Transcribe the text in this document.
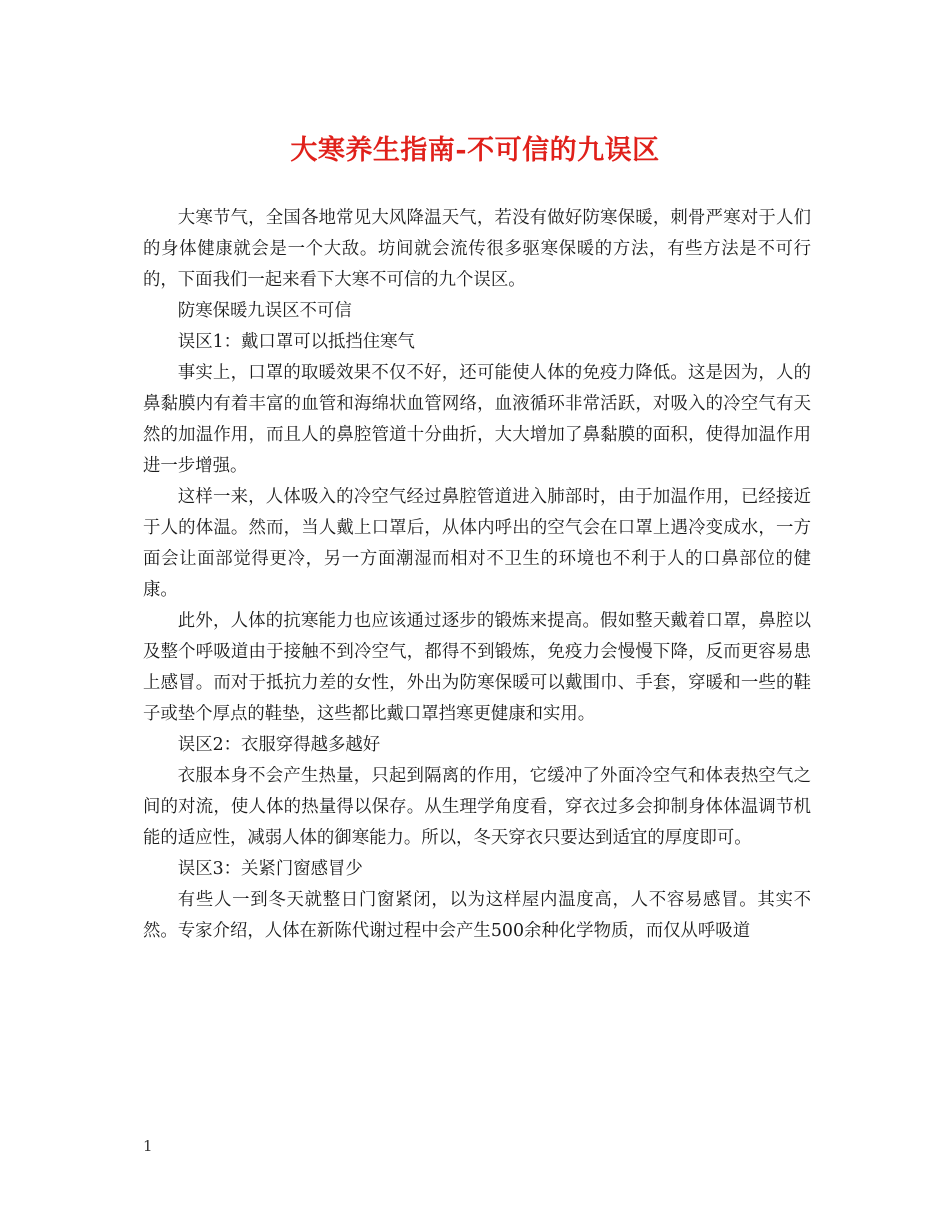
大寒养生指南-不可信的九误区

大寒节气，全国各地常见大风降温天气，若没有做好防寒保暖，刺骨严寒对于人们的身体健康就会是一个大敌。坊间就会流传很多驱寒保暖的方法，有些方法是不可行的，下面我们一起来看下大寒不可信的九个误区。

防寒保暖九误区不可信

误区1：戴口罩可以抵挡住寒气

事实上，口罩的取暖效果不仅不好，还可能使人体的免疫力降低。这是因为，人的鼻黏膜内有着丰富的血管和海绵状血管网络，血液循环非常活跃，对吸入的冷空气有天然的加温作用，而且人的鼻腔管道十分曲折，大大增加了鼻黏膜的面积，使得加温作用进一步增强。

这样一来，人体吸入的冷空气经过鼻腔管道进入肺部时，由于加温作用，已经接近于人的体温。然而，当人戴上口罩后，从体内呼出的空气会在口罩上遇冷变成水，一方面会让面部觉得更冷，另一方面潮湿而相对不卫生的环境也不利于人的口鼻部位的健康。

此外，人体的抗寒能力也应该通过逐步的锻炼来提高。假如整天戴着口罩，鼻腔以及整个呼吸道由于接触不到冷空气，都得不到锻炼，免疫力会慢慢下降，反而更容易患上感冒。而对于抵抗力差的女性，外出为防寒保暖可以戴围巾、手套，穿暖和一些的鞋子或垫个厚点的鞋垫，这些都比戴口罩挡寒更健康和实用。

误区2：衣服穿得越多越好

衣服本身不会产生热量，只起到隔离的作用，它缓冲了外面冷空气和体表热空气之间的对流，使人体的热量得以保存。从生理学角度看，穿衣过多会抑制身体体温调节机能的适应性，减弱人体的御寒能力。所以，冬天穿衣只要达到适宜的厚度即可。

误区3：关紧门窗感冒少

有些人一到冬天就整日门窗紧闭，以为这样屋内温度高，人不容易感冒。其实不然。专家介绍，人体在新陈代谢过程中会产生500余种化学物质，而仅从呼吸道

1
